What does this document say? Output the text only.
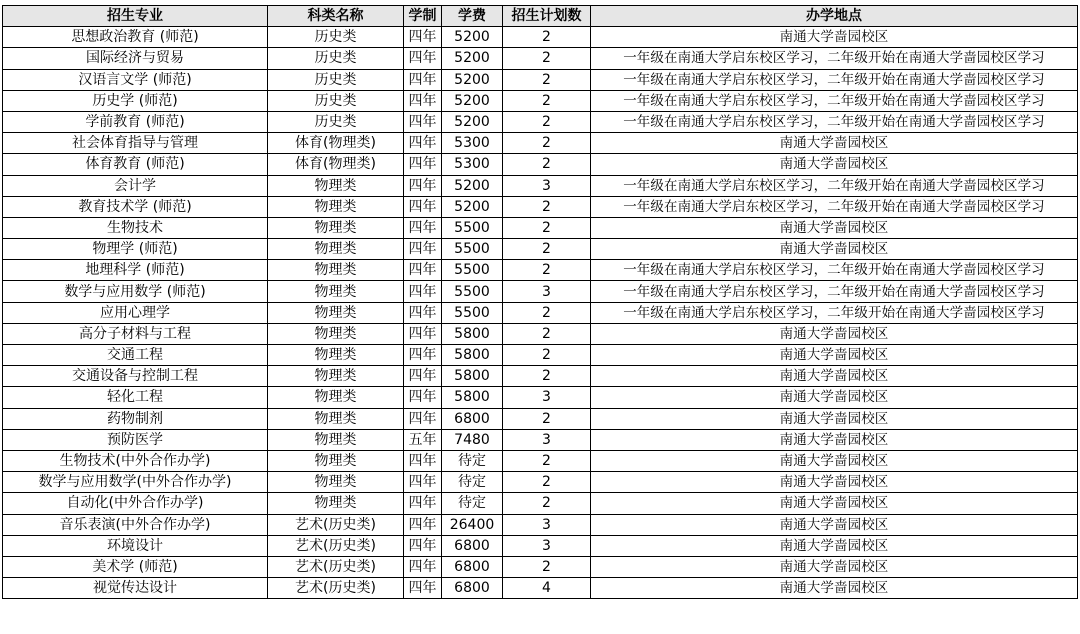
招生专业	科类名称	学制	学费	招生计划数	办学地点
思想政治教育 (师范)	历史类	四年	5200	2	南通大学啬园校区
国际经济与贸易	历史类	四年	5200	2	一年级在南通大学启东校区学习，二年级开始在南通大学啬园校区学习
汉语言文学 (师范)	历史类	四年	5200	2	一年级在南通大学启东校区学习，二年级开始在南通大学啬园校区学习
历史学 (师范)	历史类	四年	5200	2	一年级在南通大学启东校区学习，二年级开始在南通大学啬园校区学习
学前教育 (师范)	历史类	四年	5200	2	一年级在南通大学启东校区学习，二年级开始在南通大学啬园校区学习
社会体育指导与管理	体育(物理类)	四年	5300	2	南通大学啬园校区
体育教育 (师范)	体育(物理类)	四年	5300	2	南通大学啬园校区
会计学	物理类	四年	5200	3	一年级在南通大学启东校区学习，二年级开始在南通大学啬园校区学习
教育技术学 (师范)	物理类	四年	5200	2	一年级在南通大学启东校区学习，二年级开始在南通大学啬园校区学习
生物技术	物理类	四年	5500	2	南通大学啬园校区
物理学 (师范)	物理类	四年	5500	2	南通大学啬园校区
地理科学 (师范)	物理类	四年	5500	2	一年级在南通大学启东校区学习，二年级开始在南通大学啬园校区学习
数学与应用数学 (师范)	物理类	四年	5500	3	一年级在南通大学启东校区学习，二年级开始在南通大学啬园校区学习
应用心理学	物理类	四年	5500	2	一年级在南通大学启东校区学习，二年级开始在南通大学啬园校区学习
高分子材料与工程	物理类	四年	5800	2	南通大学啬园校区
交通工程	物理类	四年	5800	2	南通大学啬园校区
交通设备与控制工程	物理类	四年	5800	2	南通大学啬园校区
轻化工程	物理类	四年	5800	3	南通大学啬园校区
药物制剂	物理类	四年	6800	2	南通大学啬园校区
预防医学	物理类	五年	7480	3	南通大学啬园校区
生物技术(中外合作办学)	物理类	四年	待定	2	南通大学啬园校区
数学与应用数学(中外合作办学)	物理类	四年	待定	2	南通大学啬园校区
自动化(中外合作办学)	物理类	四年	待定	2	南通大学啬园校区
音乐表演(中外合作办学)	艺术(历史类)	四年	26400	3	南通大学啬园校区
环境设计	艺术(历史类)	四年	6800	3	南通大学啬园校区
美术学 (师范)	艺术(历史类)	四年	6800	2	南通大学啬园校区
视觉传达设计	艺术(历史类)	四年	6800	4	南通大学啬园校区
